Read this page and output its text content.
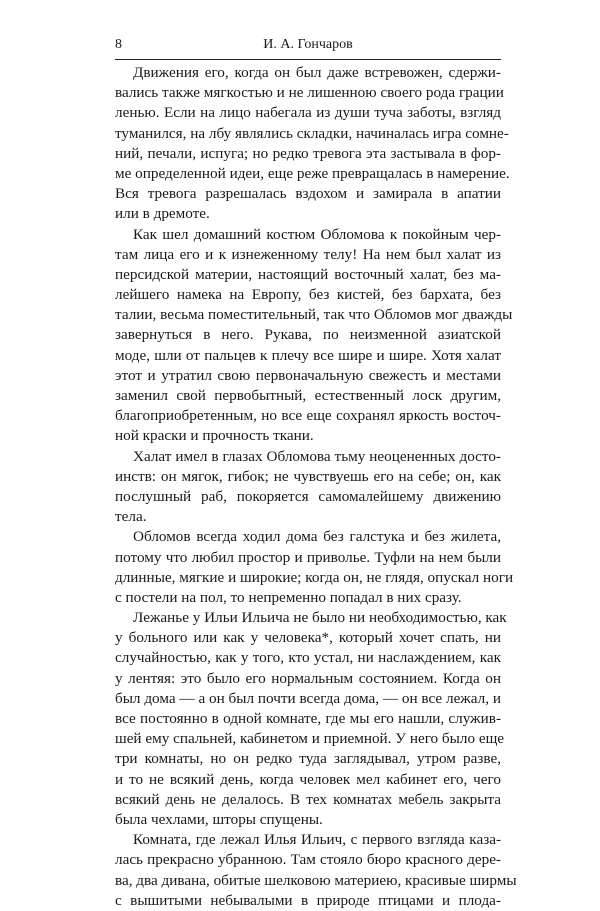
8	И. А. Гончаров
Движения его, когда он был даже встревожен, сдержи-
вались также мягкостью и не лишенною своего рода грации
ленью. Если на лицо набегала из души туча заботы, взгляд
туманился, на лбу являлись складки, начиналась игра сомне-
ний, печали, испуга; но редко тревога эта застывала в фор-
ме определенной идеи, еще реже превращалась в намерение.
Вся тревога разрешалась вздохом и замирала в апатии
или в дремоте.
Как шел домашний костюм Обломова к покойным чер-
там лица его и к изнеженному телу! На нем был халат из
персидской материи, настоящий восточный халат, без ма-
лейшего намека на Европу, без кистей, без бархата, без
талии, весьма поместительный, так что Обломов мог дважды
завернуться в него. Рукава, по неизменной азиатской
моде, шли от пальцев к плечу все шире и шире. Хотя халат
этот и утратил свою первоначальную свежесть и местами
заменил свой первобытный, естественный лоск другим,
благоприобретенным, но все еще сохранял яркость восточ-
ной краски и прочность ткани.
Халат имел в глазах Обломова тьму неоцененных досто-
инств: он мягок, гибок; не чувствуешь его на себе; он, как
послушный раб, покоряется самомалейшему движению
тела.
Обломов всегда ходил дома без галстука и без жилета,
потому что любил простор и приволье. Туфли на нем были
длинные, мягкие и широкие; когда он, не глядя, опускал ноги
с постели на пол, то непременно попадал в них сразу.
Лежанье у Ильи Ильича не было ни необходимостью, как
у больного или как у человека*, который хочет спать, ни
случайностью, как у того, кто устал, ни наслаждением, как
у лентяя: это было его нормальным состоянием. Когда он
был дома — а он был почти всегда дома, — он все лежал, и
все постоянно в одной комнате, где мы его нашли, служив-
шей ему спальней, кабинетом и приемной. У него было еще
три комнаты, но он редко туда заглядывал, утром разве,
и то не всякий день, когда человек мел кабинет его, чего
всякий день не делалось. В тех комнатах мебель закрыта
была чехлами, шторы спущены.
Комната, где лежал Илья Ильич, с первого взгляда каза-
лась прекрасно убранною. Там стояло бюро красного дере-
ва, два дивана, обитые шелковою материею, красивые ширмы
с вышитыми небывалыми в природе птицами и плода-
